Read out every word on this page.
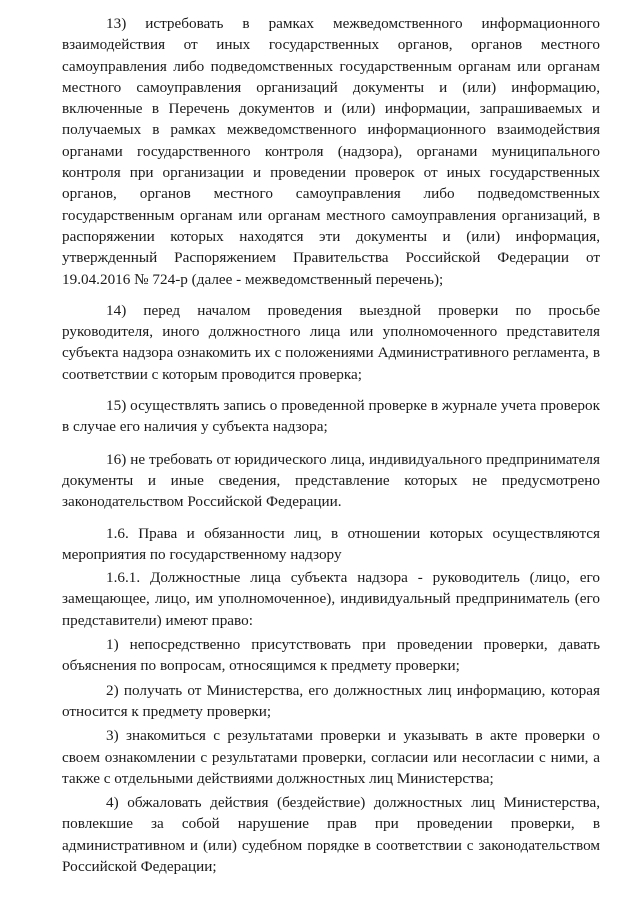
13) истребовать в рамках межведомственного информационного взаимодействия от иных государственных органов, органов местного самоуправления либо подведомственных государственным органам или органам местного самоуправления организаций документы и (или) информацию, включенные в Перечень документов и (или) информации, запрашиваемых и получаемых в рамках межведомственного информационного взаимодействия органами государственного контроля (надзора), органами муниципального контроля при организации и проведении проверок от иных государственных органов, органов местного самоуправления либо подведомственных государственным органам или органам местного самоуправления организаций, в распоряжении которых находятся эти документы и (или) информация, утвержденный Распоряжением Правительства Российской Федерации от 19.04.2016 № 724-р (далее - межведомственный перечень);

14) перед началом проведения выездной проверки по просьбе руководителя, иного должностного лица или уполномоченного представителя субъекта надзора ознакомить их с положениями Административного регламента, в соответствии с которым проводится проверка;

15) осуществлять запись о проведенной проверке в журнале учета проверок в случае его наличия у субъекта надзора;

16) не требовать от юридического лица, индивидуального предпринимателя документы и иные сведения, представление которых не предусмотрено законодательством Российской Федерации.

1.6. Права и обязанности лиц, в отношении которых осуществляются мероприятия по государственному надзору

1.6.1. Должностные лица субъекта надзора - руководитель (лицо, его замещающее, лицо, им уполномоченное), индивидуальный предприниматель (его представители) имеют право:

1) непосредственно присутствовать при проведении проверки, давать объяснения по вопросам, относящимся к предмету проверки;

2) получать от Министерства, его должностных лиц информацию, которая относится к предмету проверки;

3) знакомиться с результатами проверки и указывать в акте проверки о своем ознакомлении с результатами проверки, согласии или несогласии с ними, а также с отдельными действиями должностных лиц Министерства;

4) обжаловать действия (бездействие) должностных лиц Министерства, повлекшие за собой нарушение прав при проведении проверки, в административном и (или) судебном порядке в соответствии с законодательством Российской Федерации;
